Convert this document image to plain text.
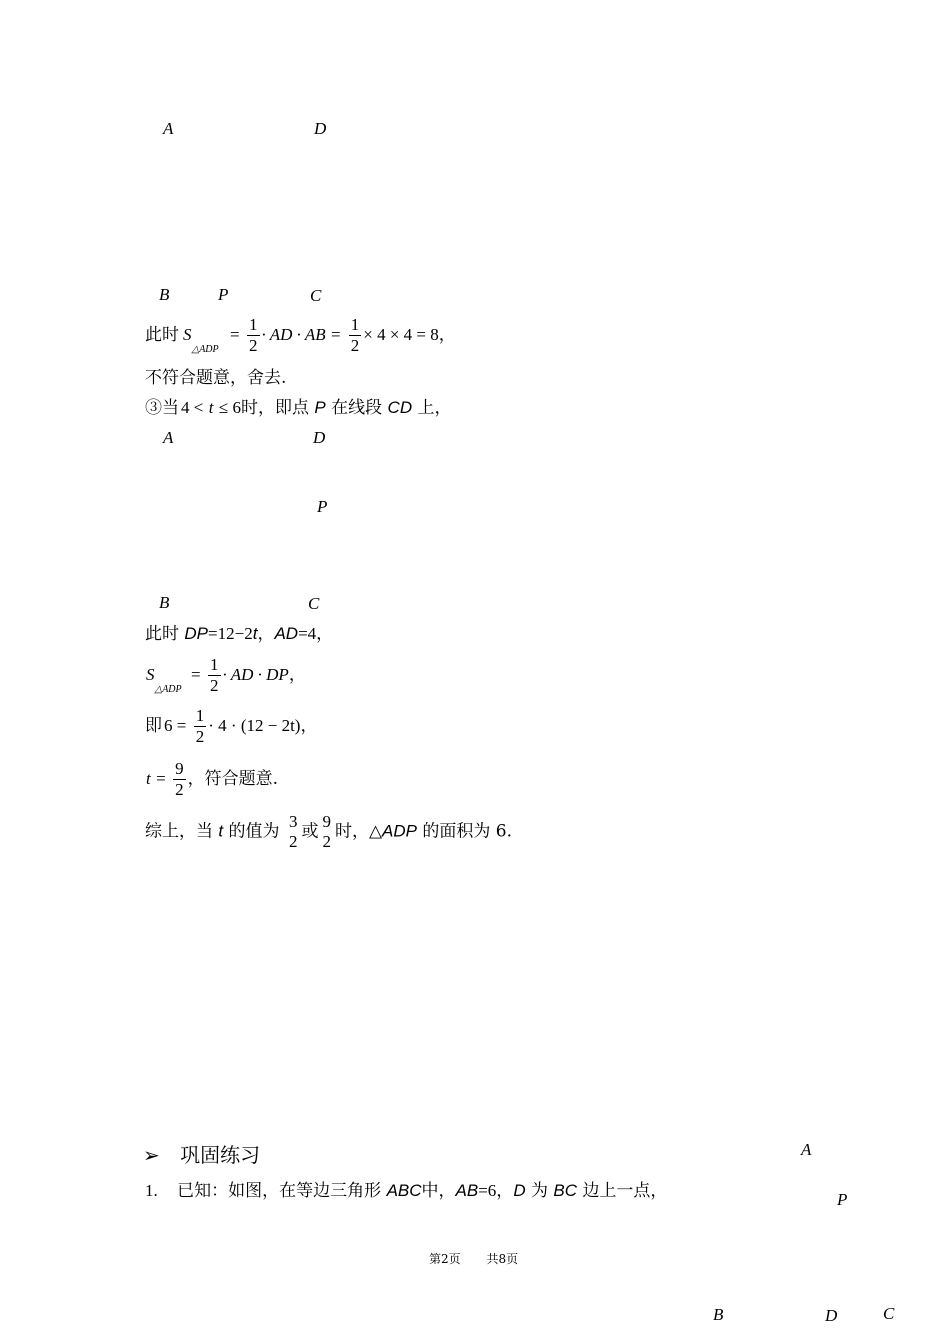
A	D
B	P	C
此时 $S_{\triangle ADP} = \frac{1}{2}$ · AD · AB = $\frac{1}{2} \times 4 \times 4 = 8$，
不符合题意，舍去.
③当 4 < t ≤ 6时，即点 P 在线段 CD 上，
A	D
P
B	C
此时 DP=12−2t，AD=4，
$S_{\triangle ADP} = \frac{1}{2}$ · AD · DP，
即 $6 = \frac{1}{2} \cdot 4 \cdot (12 - 2t)$，
$t = \frac{9}{2}$ ，符合题意.
综上，当 t 的值为 3
2 或 9
2 时，△ADP 的面积为 6.
➢ 巩固练习
1. 已知：如图，在等边三角形 ABC中，AB=6，D 为 BC 边上一点，
A
P
B	D	C
第2页 共8页
